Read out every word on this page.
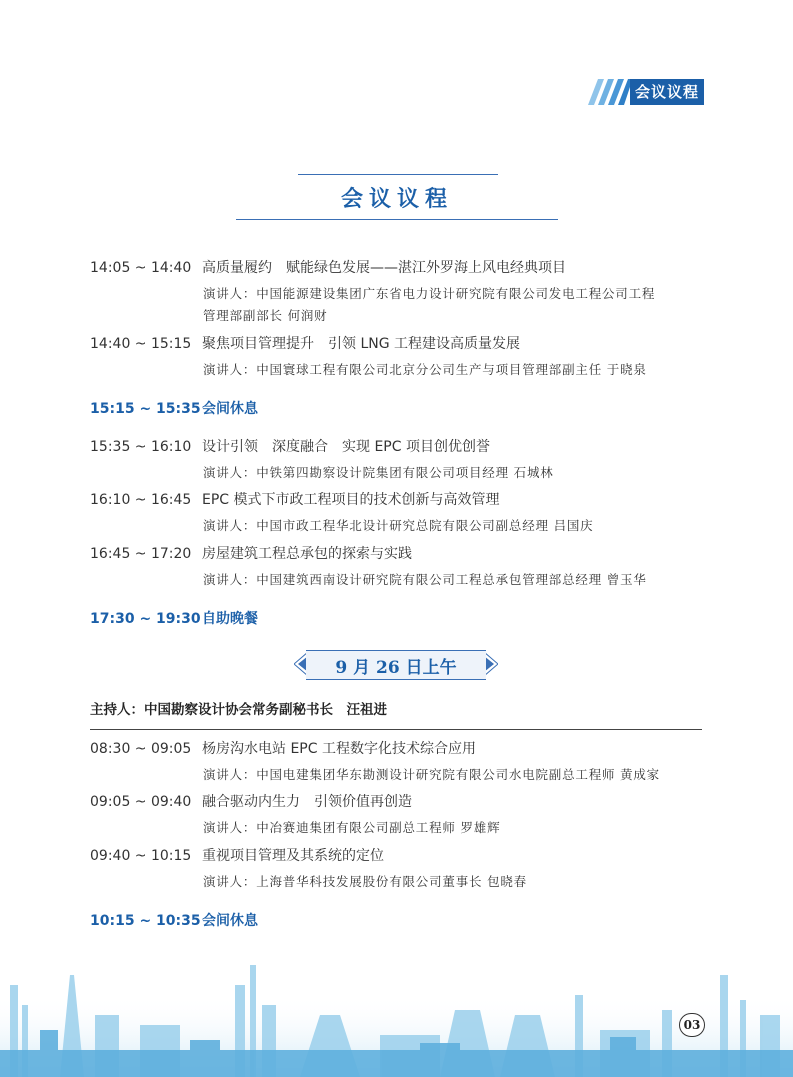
会议议程
会议议程
14:05 ~ 14:40 高质量履约　赋能绿色发展——湛江外罗海上风电经典项目
演讲人：中国能源建设集团广东省电力设计研究院有限公司发电工程公司工程
管理部副部长 何润财
14:40 ~ 15:15 聚焦项目管理提升　引领 LNG 工程建设高质量发展
演讲人：中国寰球工程有限公司北京分公司生产与项目管理部副主任 于晓泉
15:15 ~ 15:35会间休息
15:35 ~ 16:10 设计引领　深度融合　实现 EPC 项目创优创誉
演讲人：中铁第四勘察设计院集团有限公司项目经理 石城林
16:10 ~ 16:45 EPC 模式下市政工程项目的技术创新与高效管理
演讲人：中国市政工程华北设计研究总院有限公司副总经理 吕国庆
16:45 ~ 17:20 房屋建筑工程总承包的探索与实践
演讲人：中国建筑西南设计研究院有限公司工程总承包管理部总经理 曾玉华
17:30 ~ 19:30自助晚餐
9 月 26 日上午
主持人：中国勘察设计协会常务副秘书长　汪祖进
08:30 ~ 09:05 杨房沟水电站 EPC 工程数字化技术综合应用
演讲人：中国电建集团华东勘测设计研究院有限公司水电院副总工程师 黄成家
09:05 ~ 09:40 融合驱动内生力　引领价值再创造
演讲人：中冶赛迪集团有限公司副总工程师 罗雄辉
09:40 ~ 10:15 重视项目管理及其系统的定位
演讲人：上海普华科技发展股份有限公司董事长 包晓春
10:15 ~ 10:35会间休息
03
